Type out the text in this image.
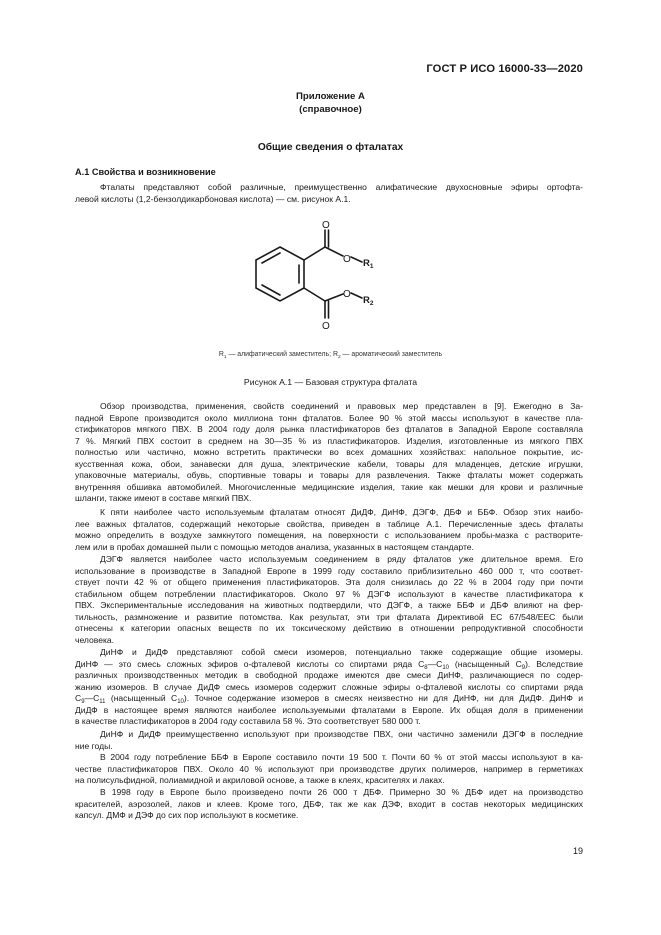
ГОСТ Р ИСО 16000-33—2020
Приложение А
(справочное)
Общие сведения о фталатах
А.1 Свойства и возникновение
Фталаты представляют собой различные, преимущественно алифатические двухосновные эфиры ортофта-
левой кислоты (1,2-бензолдикарбоновая кислота) — см. рисунок А.1.
O
O
O
O
$R_1$
$R_2$
$R_1$ — алифатический заместитель; $R_2$ — ароматический заместитель
Рисунок А.1 — Базовая структура фталата
Обзор производства, применения, свойств соединений и правовых мер представлен в [9]. Ежегодно в За-
падной Европе производится около миллиона тонн фталатов. Более 90 % этой массы используют в качестве пла-
стификаторов мягкого ПВХ. В 2004 году доля рынка пластификаторов без фталатов в Западной Европе составляла
7 %. Мягкий ПВХ состоит в среднем на 30—35 % из пластификаторов. Изделия, изготовленные из мягкого ПВХ
полностью или частично, можно встретить практически во всех домашних хозяйствах: напольное покрытие, ис-
кусственная кожа, обои, занавески для душа, электрические кабели, товары для младенцев, детские игрушки,
упаковочные материалы, обувь, спортивные товары и товары для развлечения. Также фталаты может содержать
внутренняя обшивка автомобилей. Многочисленные медицинские изделия, такие как мешки для крови и различные
шланги, также имеют в составе мягкий ПВХ.
К пяти наиболее часто используемым фталатам относят ДиДФ, ДиНФ, ДЭГФ, ДБФ и ББФ. Обзор этих наибо-
лее важных фталатов, содержащий некоторые свойства, приведен в таблице А.1. Перечисленные здесь фталаты
можно определить в воздухе замкнутого помещения, на поверхности с использованием пробы-мазка с растворите-
лем или в пробах домашней пыли с помощью методов анализа, указанных в настоящем стандарте.
ДЭГФ является наиболее часто используемым соединением в ряду фталатов уже длительное время. Его
использование в производстве в Западной Европе в 1999 году составило приблизительно 460 000 т, что соответ-
ствует почти 42 % от общего применения пластификаторов. Эта доля снизилась до 22 % в 2004 году при почти
стабильном общем потреблении пластификаторов. Около 97 % ДЭГФ используют в качестве пластификатора к
ПВХ. Экспериментальные исследования на животных подтвердили, что ДЭГФ, а также ББФ и ДБФ влияют на фер-
тильность, размножение и развитие потомства. Как результат, эти три фталата Директивой ЕС 67/548/ЕЕС были
отнесены к категории опасных веществ по их токсическому действию в отношении репродуктивной способности
человека.
ДиНФ и ДиДФ представляют собой смеси изомеров, потенциально также содержащие общие изомеры.
ДиНФ — это смесь сложных эфиров о-фталевой кислоты со спиртами ряда $С_8—С_{10}$ (насыщенный $С_9$). Вследствие
различных производственных методик в свободной продаже имеются две смеси ДиНФ, различающиеся по содер-
жанию изомеров. В случае ДиДФ смесь изомеров содержит сложные эфиры о-фталевой кислоты со спиртами ряда
$С_9—С_{11}$ (насыщенный $С_{10}$). Точное содержание изомеров в смесях неизвестно ни для ДиНФ, ни для ДиДФ. ДиНФ и
ДиДФ в настоящее время являются наиболее используемыми фталатами в Европе. Их общая доля в применении
в качестве пластификаторов в 2004 году составила 58 %. Это соответствует 580 000 т.
ДиНФ и ДиДФ преимущественно используют при производстве ПВХ, они частично заменили ДЭГФ в последние
ние годы.
В 2004 году потребление ББФ в Европе составило почти 19 500 т. Почти 60 % от этой массы используют в ка-
честве пластификаторов ПВХ. Около 40 % используют при производстве других полимеров, например в герметиках
на полисульфидной, полиамидной и акриловой основе, а также в клеях, красителях и лаках.
В 1998 году в Европе было произведено почти 26 000 т ДБФ. Примерно 30 % ДБФ идет на производство
красителей, аэрозолей, лаков и клеев. Кроме того, ДБФ, так же как ДЭФ, входит в состав некоторых медицинских
капсул. ДМФ и ДЭФ до сих пор используют в косметике.
19
